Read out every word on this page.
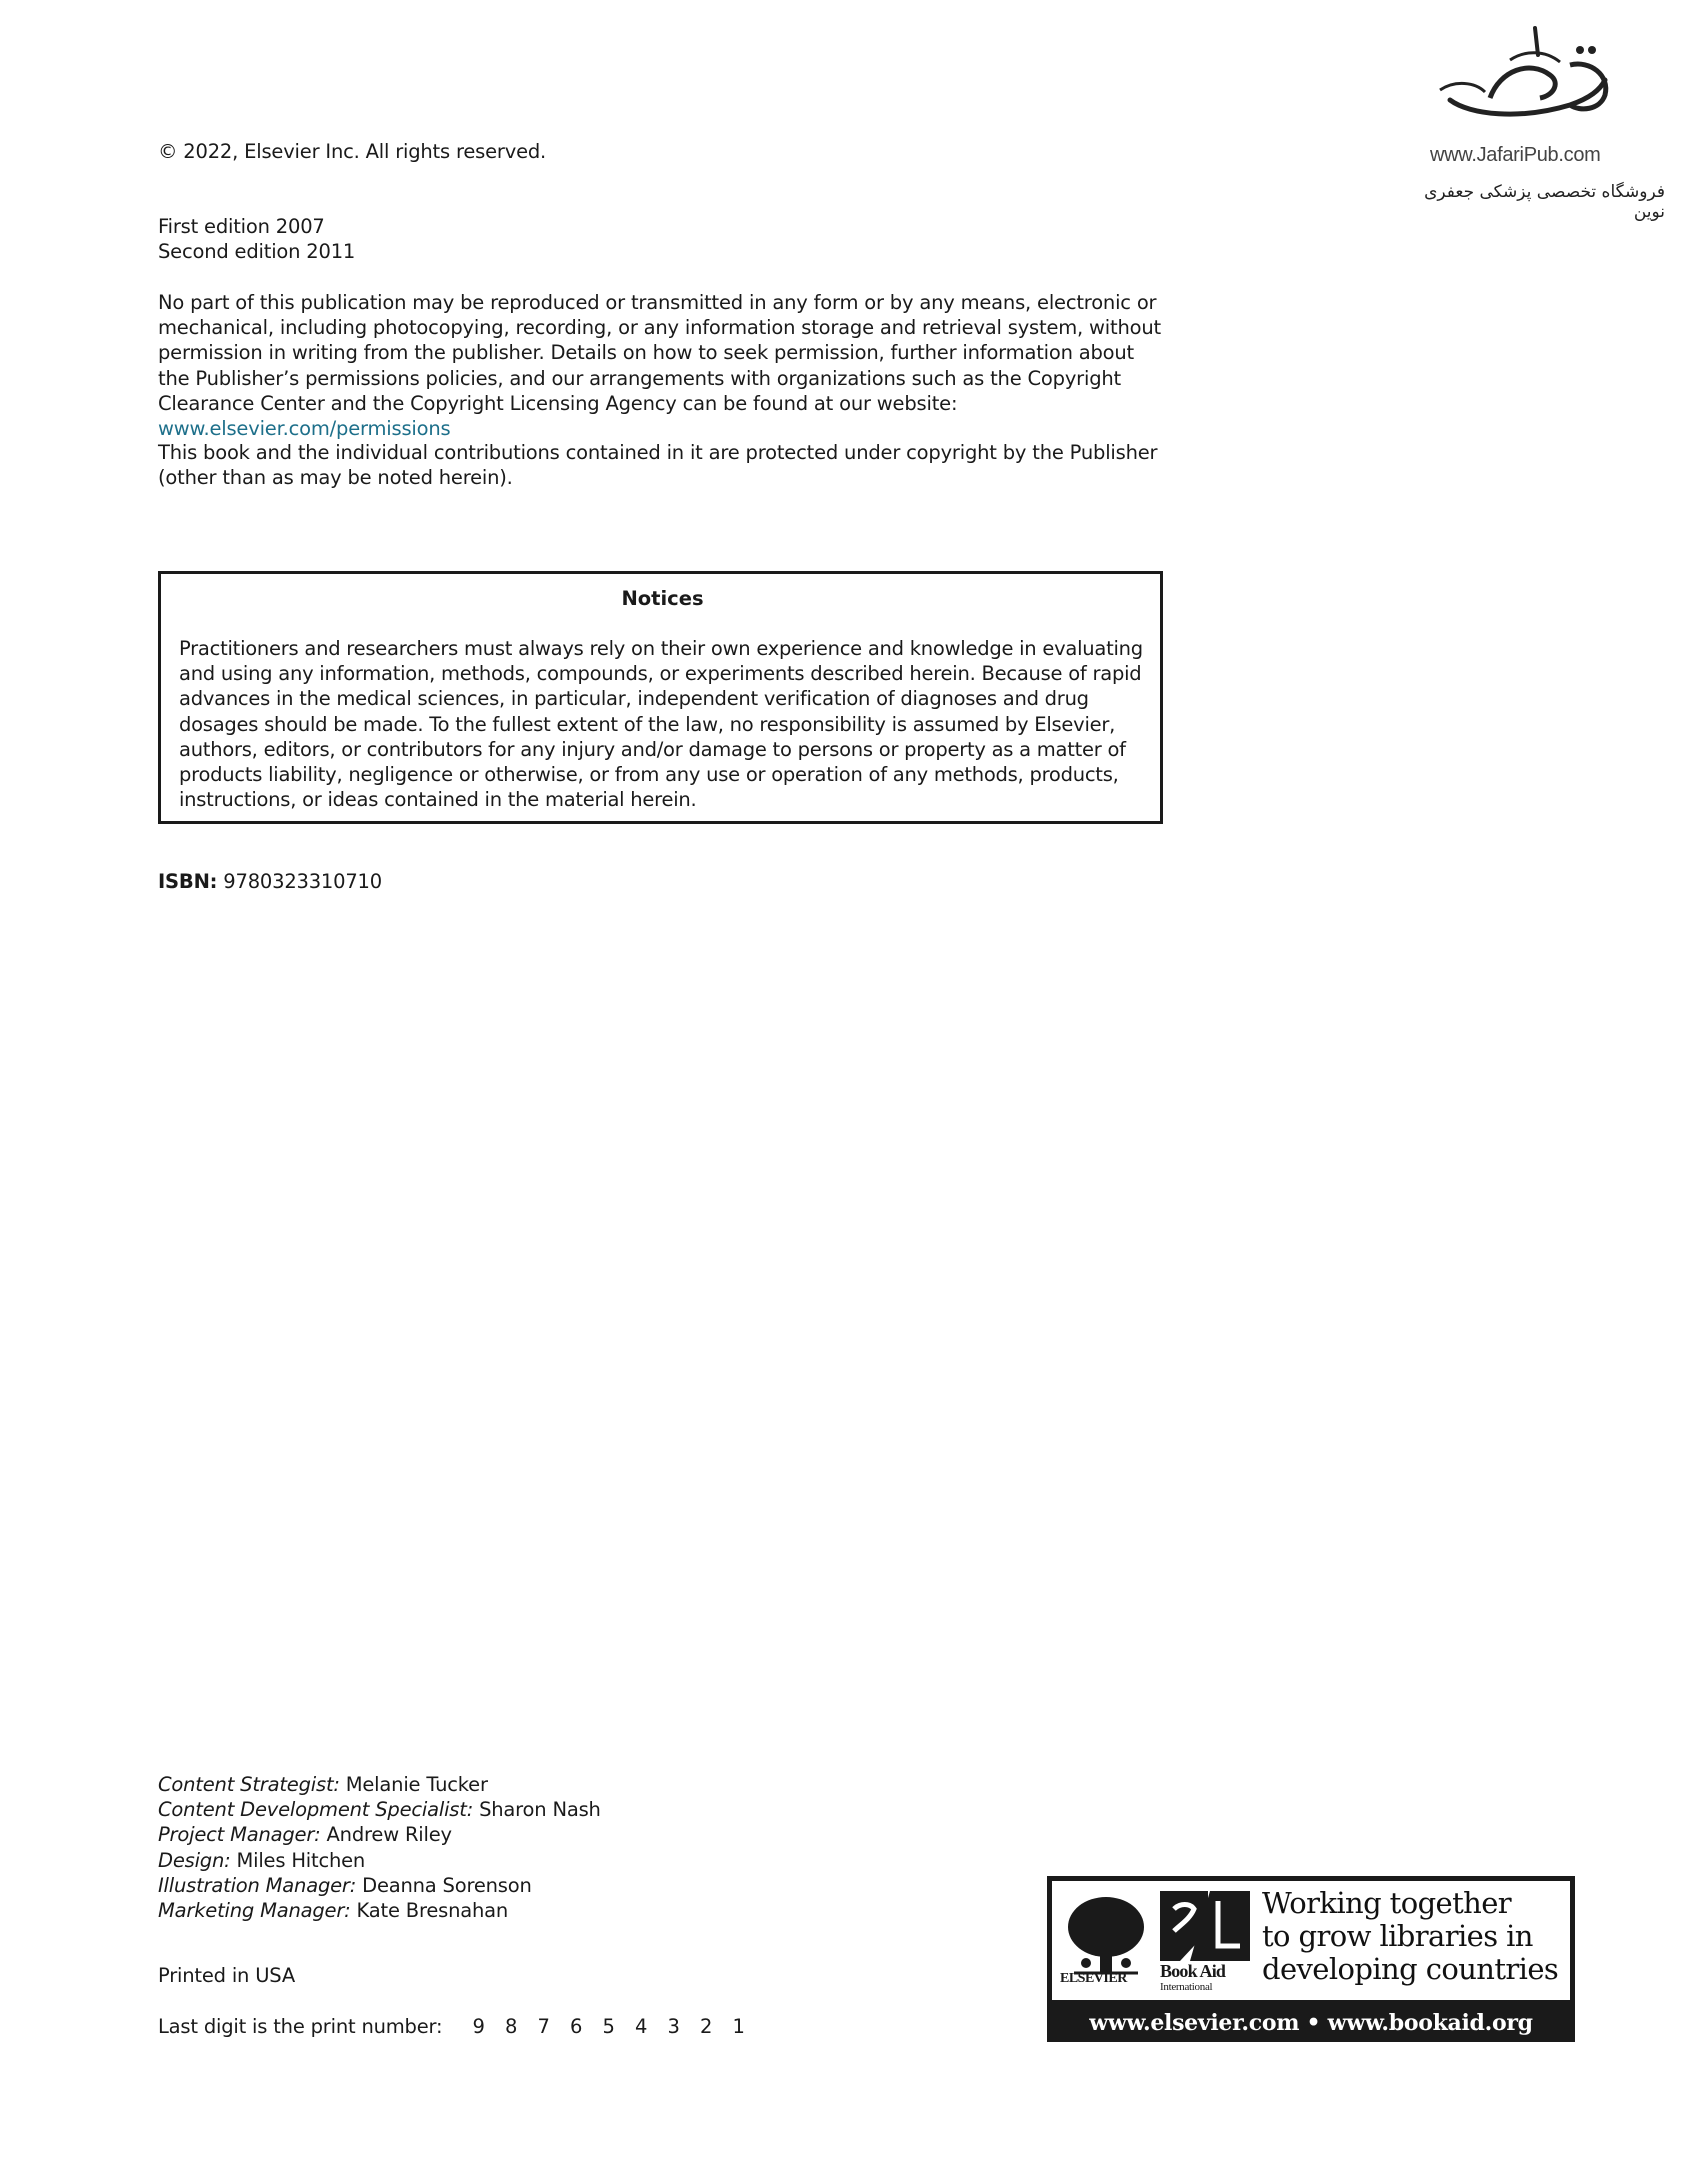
www.JafariPub.com
فروشگاه تخصصی پزشکی جعفری نوین
© 2022, Elsevier Inc. All rights reserved.
First edition 2007
Second edition 2011
No part of this publication may be reproduced or transmitted in any form or by any means, electronic or mechanical, including photocopying, recording, or any information storage and retrieval system, without permission in writing from the publisher. Details on how to seek permission, further information about the Publisher’s permissions policies, and our arrangements with organizations such as the Copyright Clearance Center and the Copyright Licensing Agency can be found at our website: www.elsevier.com/permissions
This book and the individual contributions contained in it are protected under copyright by the Publisher (other than as may be noted herein).
Notices
Practitioners and researchers must always rely on their own experience and knowledge in evaluating and using any information, methods, compounds, or experiments described herein. Because of rapid advances in the medical sciences, in particular, independent verification of diagnoses and drug dosages should be made. To the fullest extent of the law, no responsibility is assumed by Elsevier, authors, editors, or contributors for any injury and/or damage to persons or property as a matter of products liability, negligence or otherwise, or from any use or operation of any methods, products, instructions, or ideas contained in the material herein.
ISBN: 9780323310710
Content Strategist: Melanie Tucker
Content Development Specialist: Sharon Nash
Project Manager: Andrew Riley
Design: Miles Hitchen
Illustration Manager: Deanna Sorenson
Marketing Manager: Kate Bresnahan
Printed in USA
Last digit is the print number:	9	8	7	6	5	4	3	2	1
ELSEVIER Book Aid
International
Working together
to grow libraries in
developing countries
www.elsevier.com • www.bookaid.org
